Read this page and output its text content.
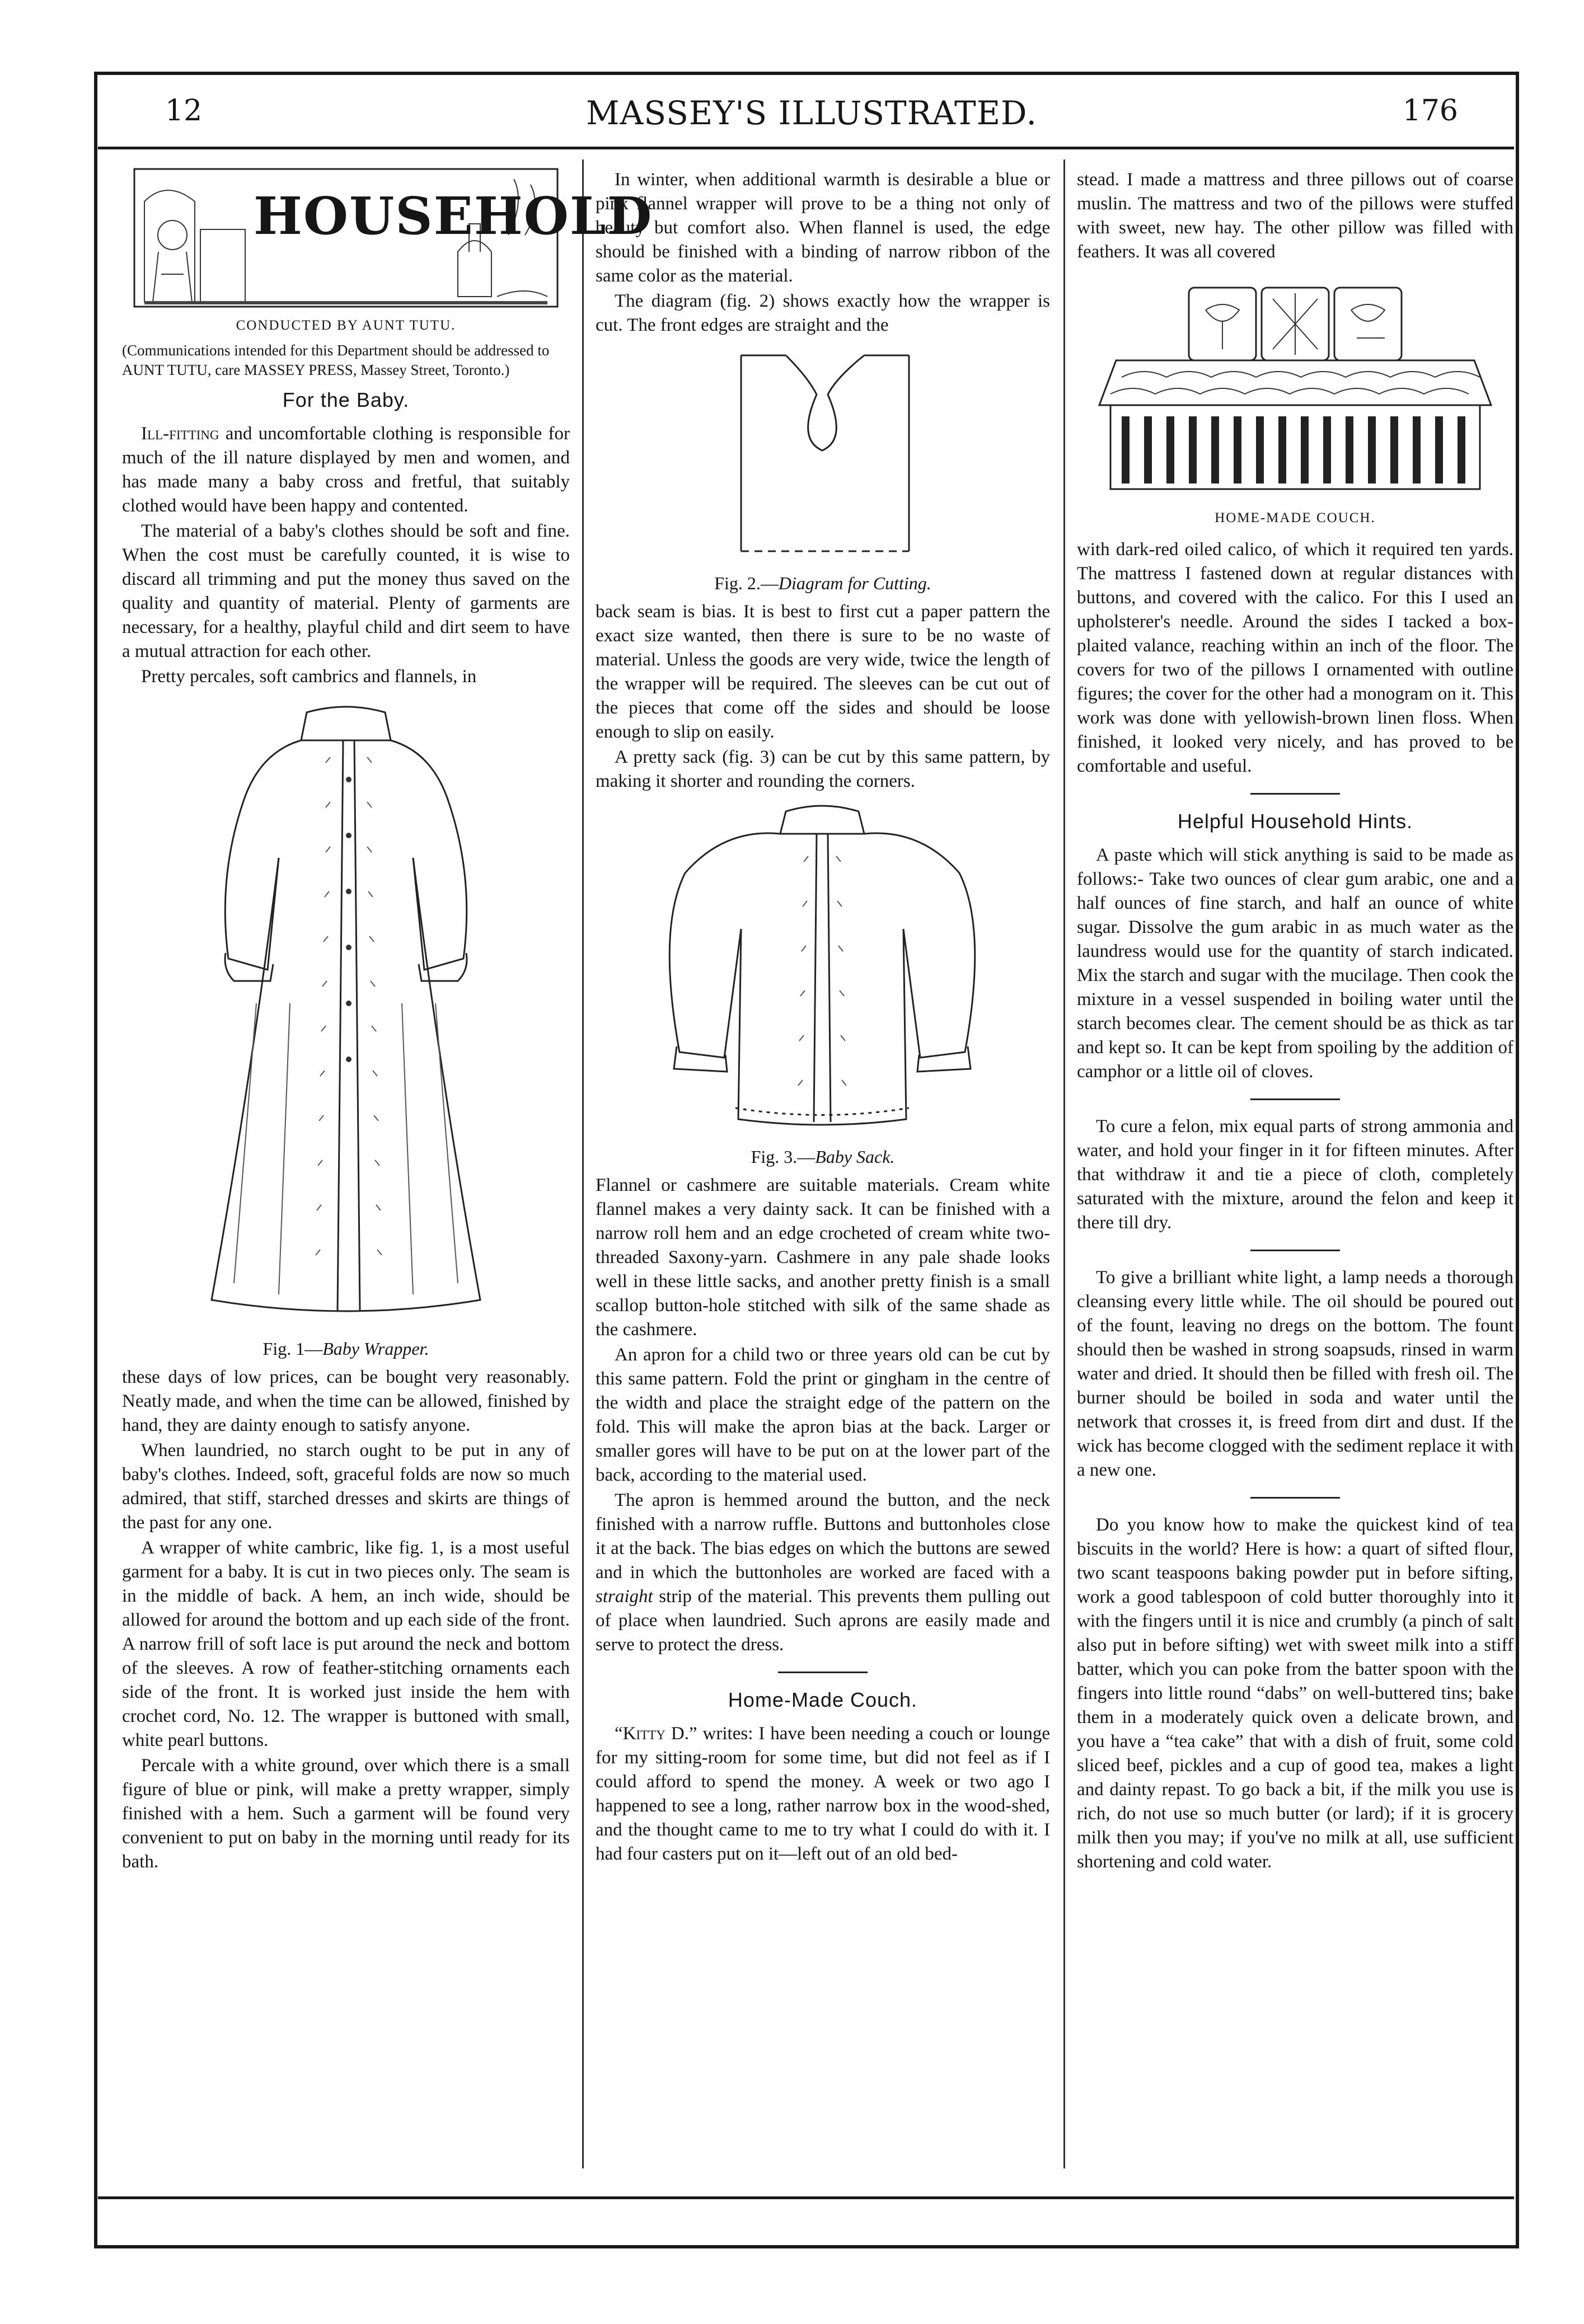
12	MASSEY'S ILLUSTRATED.	176
HOUSEHOLD
CONDUCTED BY AUNT TUTU.

(Communications intended for this Department should be addressed to AUNT TUTU, care MASSEY PRESS, Massey Street, Toronto.)

For the Baby.

Ill-fitting and uncomfortable clothing is responsible for much of the ill nature displayed by men and women, and has made many a baby cross and fretful, that suitably clothed would have been happy and contented.

The material of a baby's clothes should be soft and fine. When the cost must be carefully counted, it is wise to discard all trimming and put the money thus saved on the quality and quantity of material. Plenty of garments are necessary, for a healthy, playful child and dirt seem to have a mutual attraction for each other.

Pretty percales, soft cambrics and flannels, in

Fig. 1—Baby Wrapper.

these days of low prices, can be bought very reasonably. Neatly made, and when the time can be allowed, finished by hand, they are dainty enough to satisfy anyone.

When laundried, no starch ought to be put in any of baby's clothes. Indeed, soft, graceful folds are now so much admired, that stiff, starched dresses and skirts are things of the past for any one.

A wrapper of white cambric, like fig. 1, is a most useful garment for a baby. It is cut in two pieces only. The seam is in the middle of back. A hem, an inch wide, should be allowed for around the bottom and up each side of the front. A narrow frill of soft lace is put around the neck and bottom of the sleeves. A row of feather-stitching ornaments each side of the front. It is worked just inside the hem with crochet cord, No. 12. The wrapper is buttoned with small, white pearl buttons.

Percale with a white ground, over which there is a small figure of blue or pink, will make a pretty wrapper, simply finished with a hem. Such a garment will be found very convenient to put on baby in the morning until ready for its bath.

In winter, when additional warmth is desirable a blue or pink flannel wrapper will prove to be a thing not only of beauty but comfort also. When flannel is used, the edge should be finished with a binding of narrow ribbon of the same color as the material.

The diagram (fig. 2) shows exactly how the wrapper is cut. The front edges are straight and the

Fig. 2.—Diagram for Cutting.

back seam is bias. It is best to first cut a paper pattern the exact size wanted, then there is sure to be no waste of material. Unless the goods are very wide, twice the length of the wrapper will be required. The sleeves can be cut out of the pieces that come off the sides and should be loose enough to slip on easily.

A pretty sack (fig. 3) can be cut by this same pattern, by making it shorter and rounding the corners.

Fig. 3.—Baby Sack.

Flannel or cashmere are suitable materials. Cream white flannel makes a very dainty sack. It can be finished with a narrow roll hem and an edge crocheted of cream white two-threaded Saxony-yarn. Cashmere in any pale shade looks well in these little sacks, and another pretty finish is a small scallop button-hole stitched with silk of the same shade as the cashmere.

An apron for a child two or three years old can be cut by this same pattern. Fold the print or gingham in the centre of the width and place the straight edge of the pattern on the fold. This will make the apron bias at the back. Larger or smaller gores will have to be put on at the lower part of the back, according to the material used.

The apron is hemmed around the button, and the neck finished with a narrow ruffle. Buttons and buttonholes close it at the back. The bias edges on which the buttons are sewed and in which the buttonholes are worked are faced with a straight strip of the material. This prevents them pulling out of place when laundried. Such aprons are easily made and serve to protect the dress.

Home-Made Couch.

“Kitty D.” writes: I have been needing a couch or lounge for my sitting-room for some time, but did not feel as if I could afford to spend the money. A week or two ago I happened to see a long, rather narrow box in the wood-shed, and the thought came to me to try what I could do with it. I had four casters put on it—left out of an old bed-

stead. I made a mattress and three pillows out of coarse muslin. The mattress and two of the pillows were stuffed with sweet, new hay. The other pillow was filled with feathers. It was all covered

HOME-MADE COUCH.

with dark-red oiled calico, of which it required ten yards. The mattress I fastened down at regular distances with buttons, and covered with the calico. For this I used an upholsterer's needle. Around the sides I tacked a box-plaited valance, reaching within an inch of the floor. The covers for two of the pillows I ornamented with outline figures; the cover for the other had a monogram on it. This work was done with yellowish-brown linen floss. When finished, it looked very nicely, and has proved to be comfortable and useful.

Helpful Household Hints.

A paste which will stick anything is said to be made as follows:- Take two ounces of clear gum arabic, one and a half ounces of fine starch, and half an ounce of white sugar. Dissolve the gum arabic in as much water as the laundress would use for the quantity of starch indicated. Mix the starch and sugar with the mucilage. Then cook the mixture in a vessel suspended in boiling water until the starch becomes clear. The cement should be as thick as tar and kept so. It can be kept from spoiling by the addition of camphor or a little oil of cloves.

To cure a felon, mix equal parts of strong ammonia and water, and hold your finger in it for fifteen minutes. After that withdraw it and tie a piece of cloth, completely saturated with the mixture, around the felon and keep it there till dry.

To give a brilliant white light, a lamp needs a thorough cleansing every little while. The oil should be poured out of the fount, leaving no dregs on the bottom. The fount should then be washed in strong soapsuds, rinsed in warm water and dried. It should then be filled with fresh oil. The burner should be boiled in soda and water until the network that crosses it, is freed from dirt and dust. If the wick has become clogged with the sediment replace it with a new one.

Do you know how to make the quickest kind of tea biscuits in the world? Here is how: a quart of sifted flour, two scant teaspoons baking powder put in before sifting, work a good tablespoon of cold butter thoroughly into it with the fingers until it is nice and crumbly (a pinch of salt also put in before sifting) wet with sweet milk into a stiff batter, which you can poke from the batter spoon with the fingers into little round “dabs” on well-buttered tins; bake them in a moderately quick oven a delicate brown, and you have a “tea cake” that with a dish of fruit, some cold sliced beef, pickles and a cup of good tea, makes a light and dainty repast. To go back a bit, if the milk you use is rich, do not use so much butter (or lard); if it is grocery milk then you may; if you've no milk at all, use sufficient shortening and cold water.
